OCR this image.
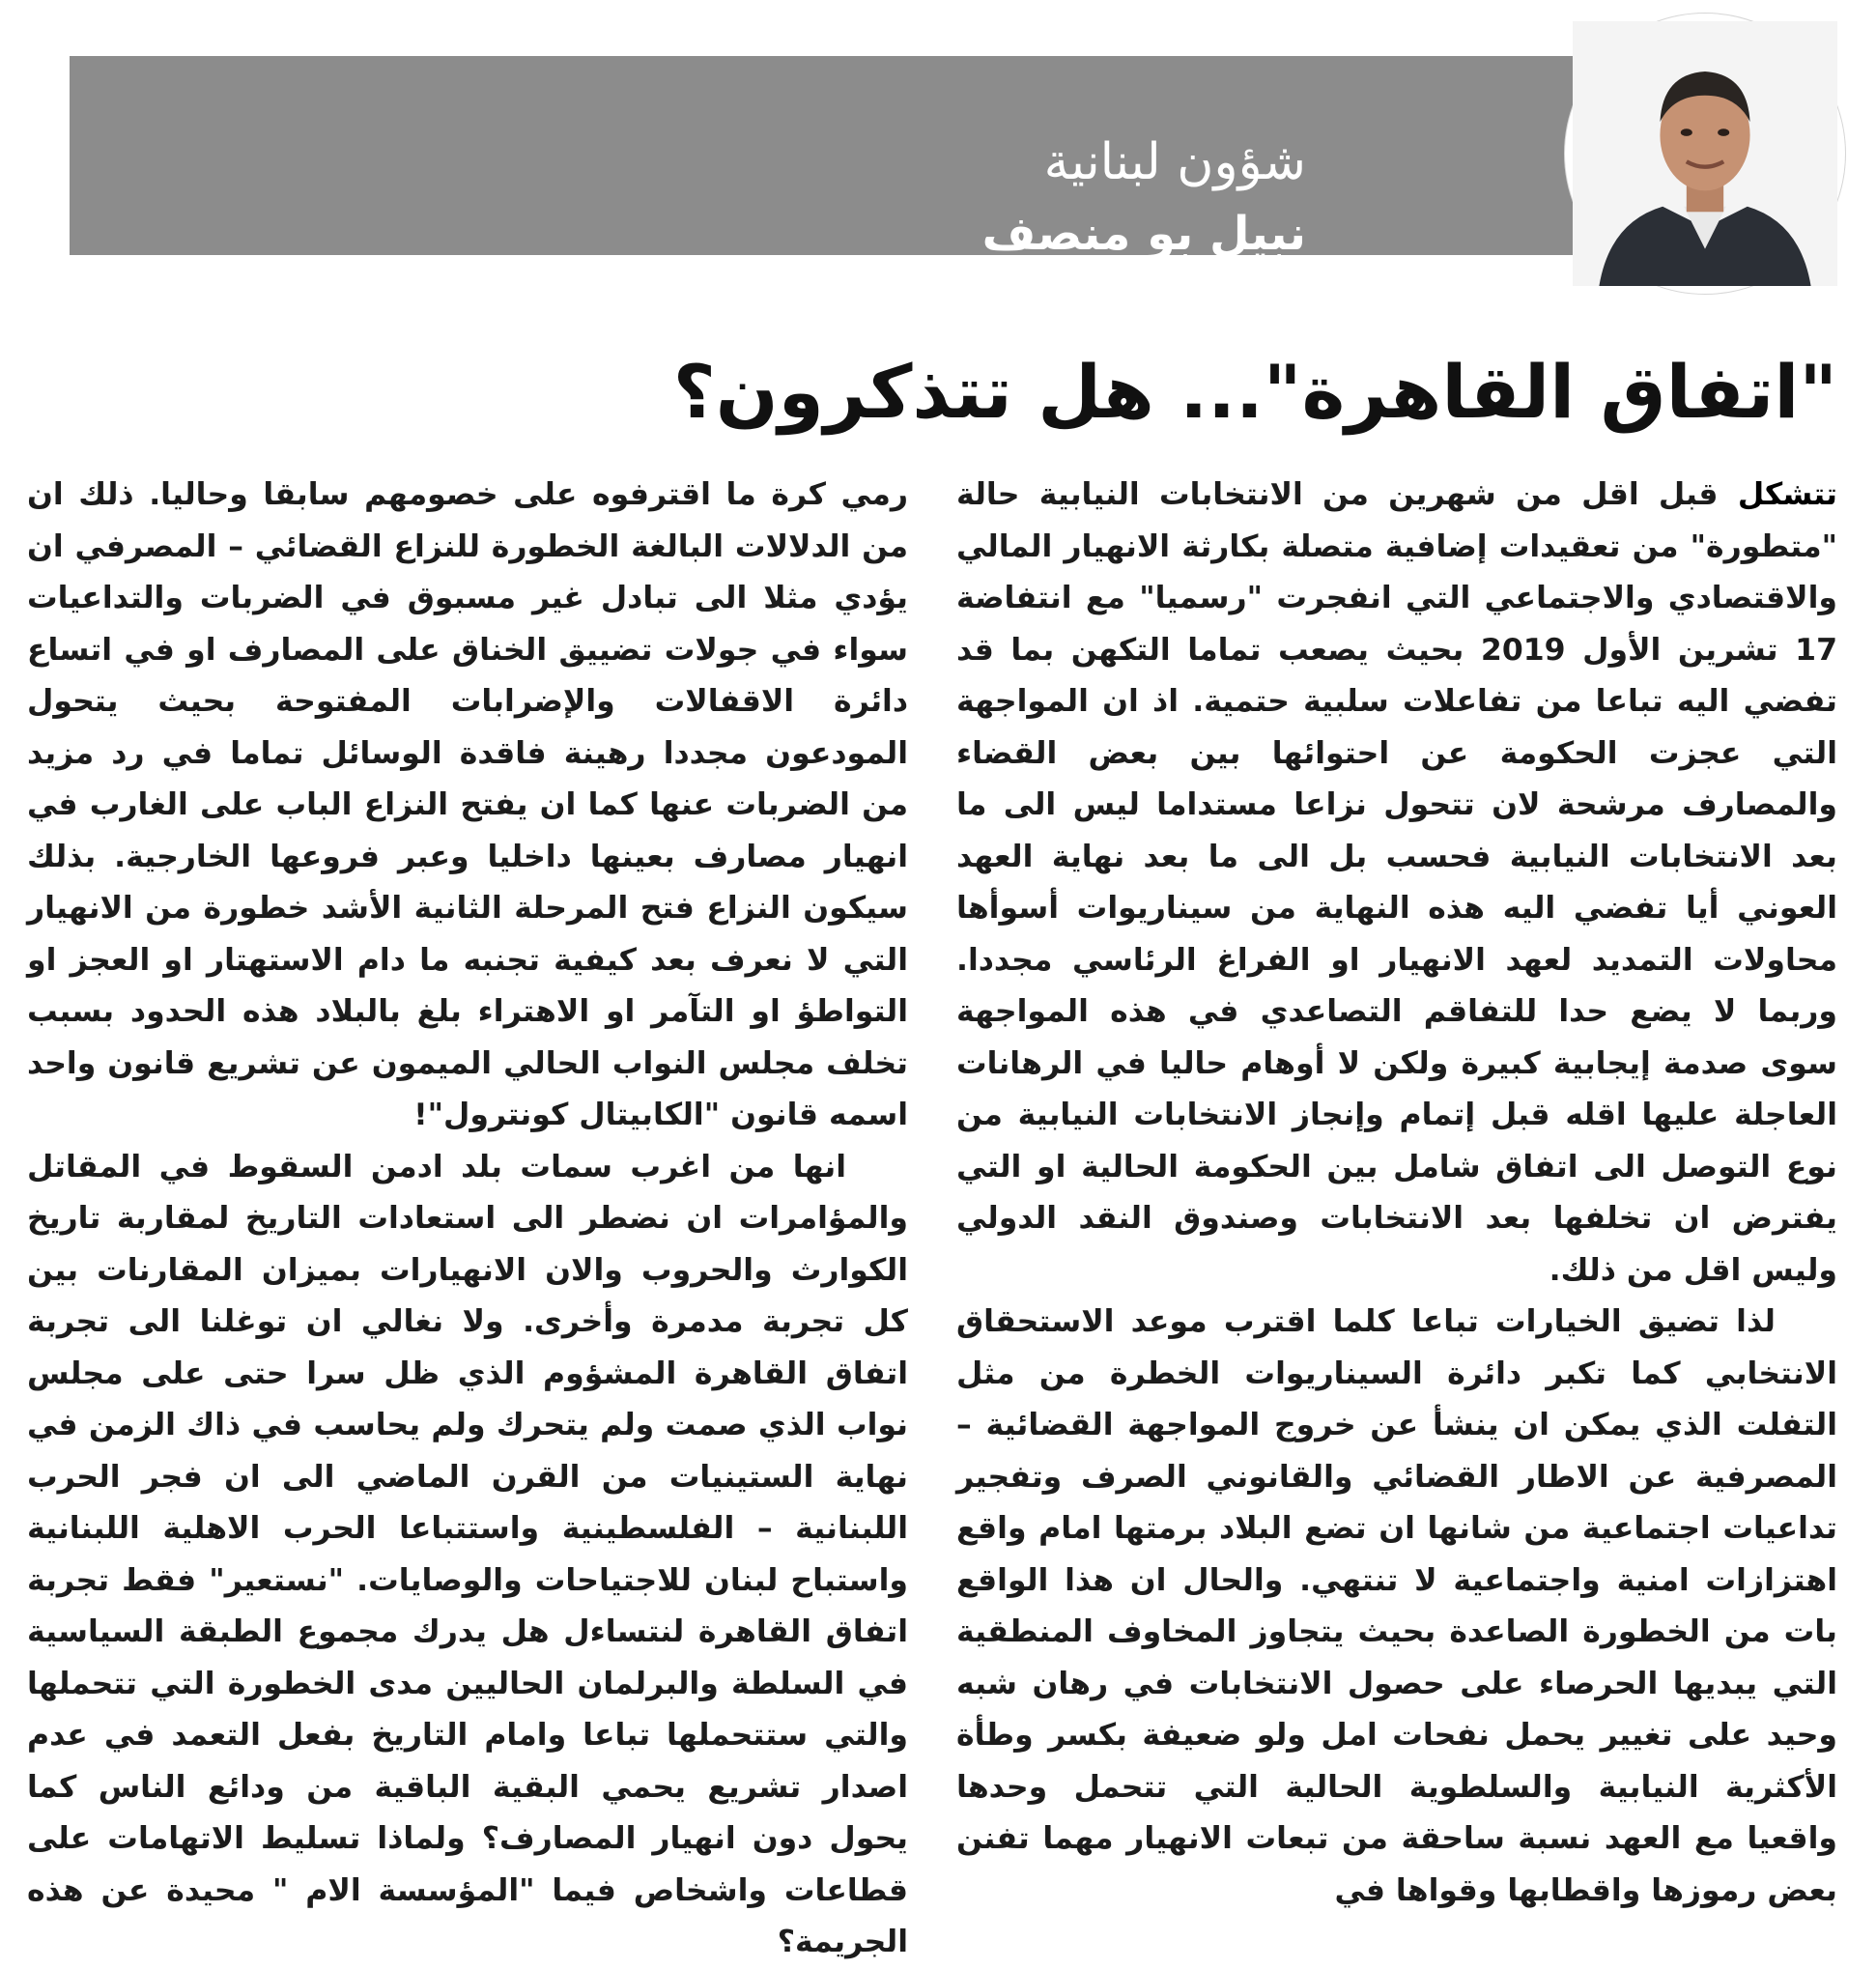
شؤون لبنانية
نبيل بو منصف
"اتفاق القاهرة"... هل تتذكرون؟

تتشكل قبل اقل من شهرين من الانتخابات النيابية حالة "متطورة" من تعقيدات إضافية متصلة بكارثة الانهيار المالي والاقتصادي والاجتماعي التي انفجرت "رسميا" مع انتفاضة 17 تشرين الأول 2019 بحيث يصعب تماما التكهن بما قد تفضي اليه تباعا من تفاعلات سلبية حتمية. اذ ان المواجهة التي عجزت الحكومة عن احتوائها بين بعض القضاء والمصارف مرشحة لان تتحول نزاعا مستداما ليس الى ما بعد الانتخابات النيابية فحسب بل الى ما بعد نهاية العهد العوني أيا تفضي اليه هذه النهاية من سيناريوات أسوأها محاولات التمديد لعهد الانهيار او الفراغ الرئاسي مجددا. وربما لا يضع حدا للتفاقم التصاعدي في هذه المواجهة سوى صدمة إيجابية كبيرة ولكن لا أوهام حاليا في الرهانات العاجلة عليها اقله قبل إتمام وإنجاز الانتخابات النيابية من نوع التوصل الى اتفاق شامل بين الحكومة الحالية او التي يفترض ان تخلفها بعد الانتخابات وصندوق النقد الدولي وليس اقل من ذلك.

لذا تضيق الخيارات تباعا كلما اقترب موعد الاستحقاق الانتخابي كما تكبر دائرة السيناريوات الخطرة من مثل التفلت الذي يمكن ان ينشأ عن خروج المواجهة القضائية – المصرفية عن الاطار القضائي والقانوني الصرف وتفجير تداعيات اجتماعية من شانها ان تضع البلاد برمتها امام واقع اهتزازات امنية واجتماعية لا تنتهي. والحال ان هذا الواقع بات من الخطورة الصاعدة بحيث يتجاوز المخاوف المنطقية التي يبديها الحرصاء على حصول الانتخابات في رهان شبه وحيد على تغيير يحمل نفحات امل ولو ضعيفة بكسر وطأة الأكثرية النيابية والسلطوية الحالية التي تتحمل وحدها واقعيا مع العهد نسبة ساحقة من تبعات الانهيار مهما تفنن بعض رموزها واقطابها وقواها في

رمي كرة ما اقترفوه على خصومهم سابقا وحاليا. ذلك ان من الدلالات البالغة الخطورة للنزاع القضائي – المصرفي ان يؤدي مثلا الى تبادل غير مسبوق في الضربات والتداعيات سواء في جولات تضييق الخناق على المصارف او في اتساع دائرة الاقفالات والإضرابات المفتوحة بحيث يتحول المودعون مجددا رهينة فاقدة الوسائل تماما في رد مزيد من الضربات عنها كما ان يفتح النزاع الباب على الغارب في انهيار مصارف بعينها داخليا وعبر فروعها الخارجية. بذلك سيكون النزاع فتح المرحلة الثانية الأشد خطورة من الانهيار التي لا نعرف بعد كيفية تجنبه ما دام الاستهتار او العجز او التواطؤ او التآمر او الاهتراء بلغ بالبلاد هذه الحدود بسبب تخلف مجلس النواب الحالي الميمون عن تشريع قانون واحد اسمه قانون "الكابيتال كونترول"!

انها من اغرب سمات بلد ادمن السقوط في المقاتل والمؤامرات ان نضطر الى استعادات التاريخ لمقاربة تاريخ الكوارث والحروب والان الانهيارات بميزان المقارنات بين كل تجربة مدمرة وأخرى. ولا نغالي ان توغلنا الى تجربة اتفاق القاهرة المشؤوم الذي ظل سرا حتى على مجلس نواب الذي صمت ولم يتحرك ولم يحاسب في ذاك الزمن في نهاية الستينيات من القرن الماضي الى ان فجر الحرب اللبنانية – الفلسطينية واستتباعا الحرب الاهلية اللبنانية واستباح لبنان للاجتياحات والوصايات. "نستعير" فقط تجربة اتفاق القاهرة لنتساءل هل يدرك مجموع الطبقة السياسية في السلطة والبرلمان الحاليين مدى الخطورة التي تتحملها والتي ستتحملها تباعا وامام التاريخ بفعل التعمد في عدم اصدار تشريع يحمي البقية الباقية من ودائع الناس كما يحول دون انهيار المصارف؟ ولماذا تسليط الاتهامات على قطاعات واشخاص فيما "المؤسسة الام " محيدة عن هذه الجريمة؟
